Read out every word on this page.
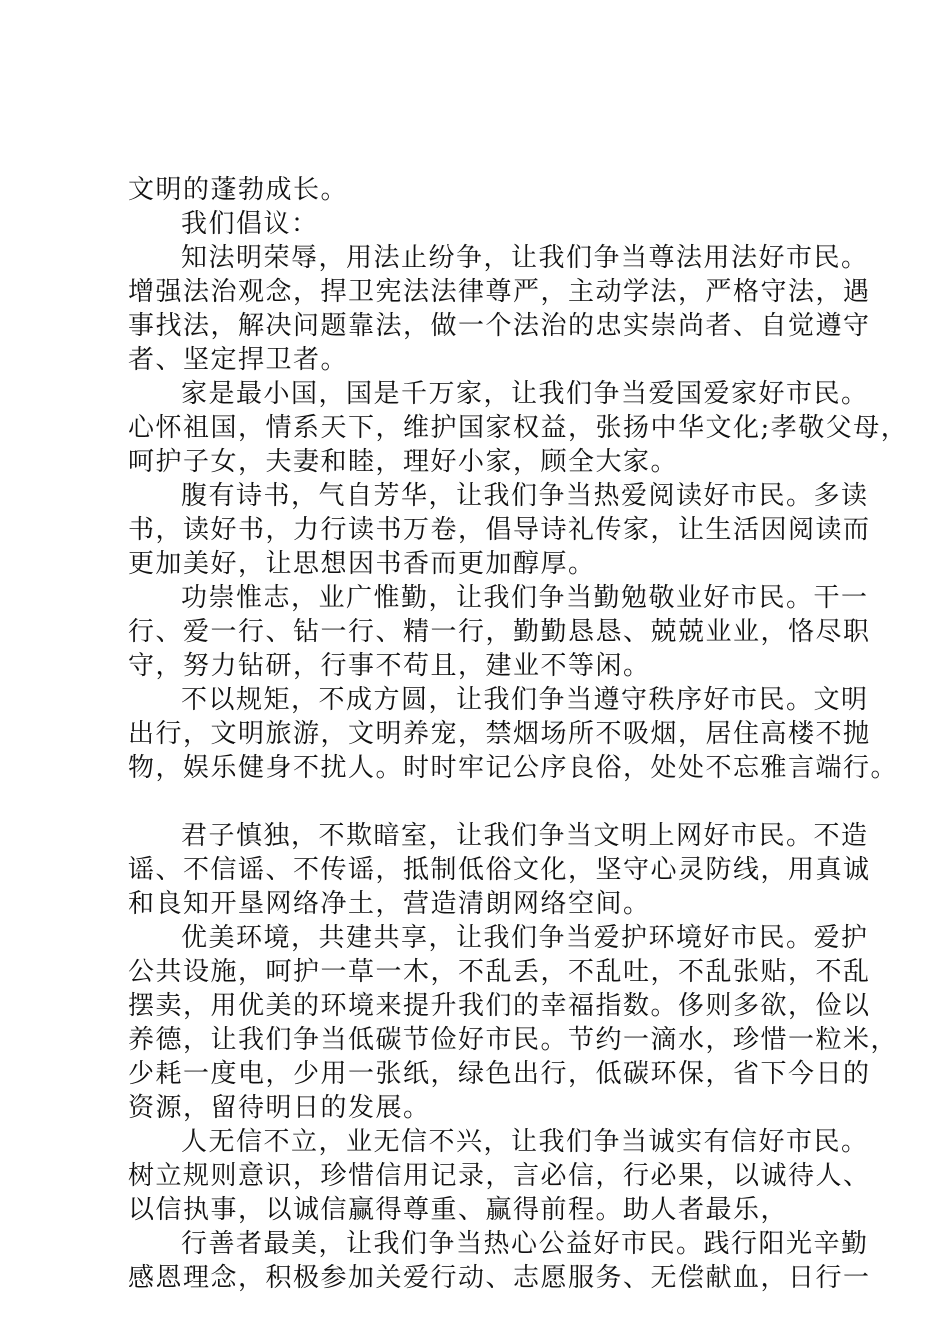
文明的蓬勃成长。
我们倡议：
知法明荣辱，用法止纷争，让我们争当尊法用法好市民。
增强法治观念，捍卫宪法法律尊严，主动学法，严格守法，遇
事找法，解决问题靠法，做一个法治的忠实崇尚者、自觉遵守
者、坚定捍卫者。
家是最小国，国是千万家，让我们争当爱国爱家好市民。
心怀祖国，情系天下，维护国家权益，张扬中华文化;孝敬父母，
呵护子女，夫妻和睦，理好小家，顾全大家。
腹有诗书，气自芳华，让我们争当热爱阅读好市民。多读
书，读好书，力行读书万卷，倡导诗礼传家，让生活因阅读而
更加美好，让思想因书香而更加醇厚。
功崇惟志，业广惟勤，让我们争当勤勉敬业好市民。干一
行、爱一行、钻一行、精一行，勤勤恳恳、兢兢业业，恪尽职
守，努力钻研，行事不苟且，建业不等闲。
不以规矩，不成方圆，让我们争当遵守秩序好市民。文明
出行，文明旅游，文明养宠，禁烟场所不吸烟，居住高楼不抛
物，娱乐健身不扰人。时时牢记公序良俗，处处不忘雅言端行。
君子慎独，不欺暗室，让我们争当文明上网好市民。不造
谣、不信谣、不传谣，抵制低俗文化，坚守心灵防线，用真诚
和良知开垦网络净土，营造清朗网络空间。
优美环境，共建共享，让我们争当爱护环境好市民。爱护
公共设施，呵护一草一木，不乱丢，不乱吐，不乱张贴，不乱
摆卖，用优美的环境来提升我们的幸福指数。侈则多欲，俭以
养德，让我们争当低碳节俭好市民。节约一滴水，珍惜一粒米，
少耗一度电，少用一张纸，绿色出行，低碳环保，省下今日的
资源，留待明日的发展。
人无信不立，业无信不兴，让我们争当诚实有信好市民。
树立规则意识，珍惜信用记录，言必信，行必果，以诚待人、
以信执事，以诚信赢得尊重、赢得前程。助人者最乐，
行善者最美，让我们争当热心公益好市民。践行阳光辛勤
感恩理念，积极参加关爱行动、志愿服务、无偿献血，日行一
